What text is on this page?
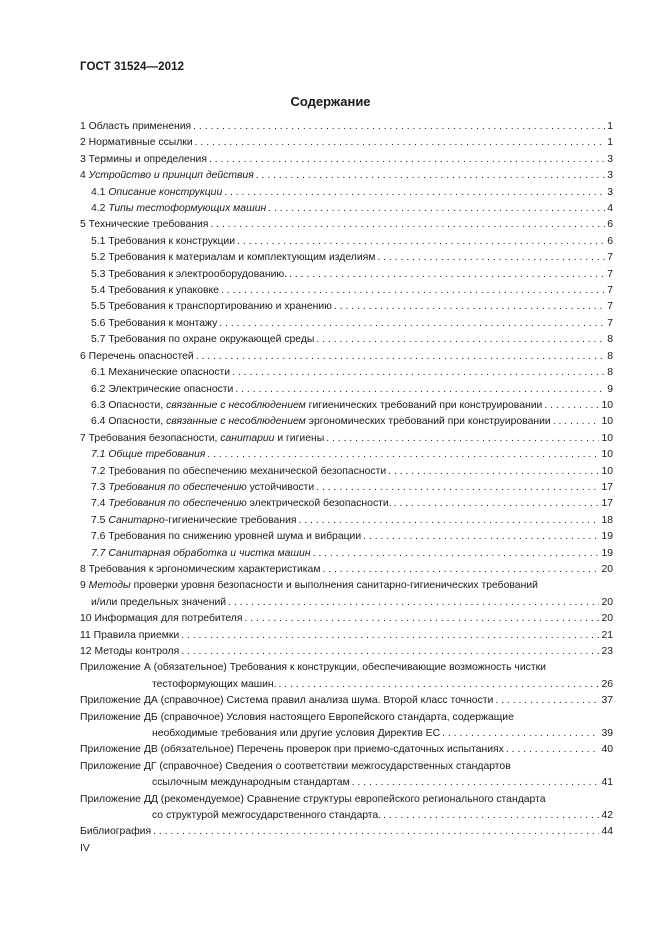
ГОСТ 31524—2012
Содержание
1 Область применения . . .	1
2 Нормативные ссылки . . .	1
3 Термины и определения . . .	3
4 Устройство и принцип действия . . .	3
4.1 Описание конструкции . . .	3
4.2 Типы тестоформующих машин . . .	4
5 Технические требования . . .	6
5.1 Требования к конструкции . . .	6
5.2 Требования к материалам и комплектующим изделиям . . .	7
5.3 Требования к электрооборудованию. . . .	7
5.4 Требования к упаковке . . .	7
5.5 Требования к транспортированию и хранению . . .	7
5.6 Требования к монтажу . . .	7
5.7 Требования по охране окружающей среды . . .	8
6 Перечень опасностей . . .	8
6.1 Механические опасности . . .	8
6.2 Электрические опасности . . .	9
6.3 Опасности, связанные с несоблюдением гигиенических требований при конструировании . . .	10
6.4 Опасности, связанные с несоблюдением эргономических требований при конструировании . . .	10
7 Требования безопасности, санитарии и гигиены . . .	10
7.1 Общие требования . . .	10
7.2 Требования по обеспечению механической безопасности . . .	10
7.3 Требования по обеспечению устойчивости . . .	17
7.4 Требования по обеспечению электрической безопасности. . . .	17
7.5 Санитарно-гигиенические требования . . .	18
7.6 Требования по снижению уровней шума и вибрации . . .	19
7.7 Санитарная обработка и чистка машин . . .	19
8 Требования к эргономическим характеристикам . . .	20
9 Методы проверки уровня безопасности и выполнения санитарно-гигиенических требований
и/или предельных значений . . .	20
10 Информация для потребителя . . .	20
11 Правила приемки . . .	21
12 Методы контроля . . .	23
Приложение А (обязательное) Требования к конструкции, обеспечивающие возможность чистки
тестоформующих машин. . . .	26
Приложение ДА (справочное) Система правил анализа шума. Второй класс точности . . .	37
Приложение ДБ (справочное) Условия настоящего Европейского стандарта, содержащие
необходимые требования или другие условия Директив ЕС . . .	39
Приложение ДВ (обязательное) Перечень проверок при приемо-сдаточных испытаниях . . .	40
Приложение ДГ (справочное) Сведения о соответствии межгосударственных стандартов
ссылочным международным стандартам . . .	41
Приложение ДД (рекомендуемое) Сравнение структуры европейского регионального стандарта
со структурой межгосударственного стандарта. . . .	42
Библиография . . .	44
IV
